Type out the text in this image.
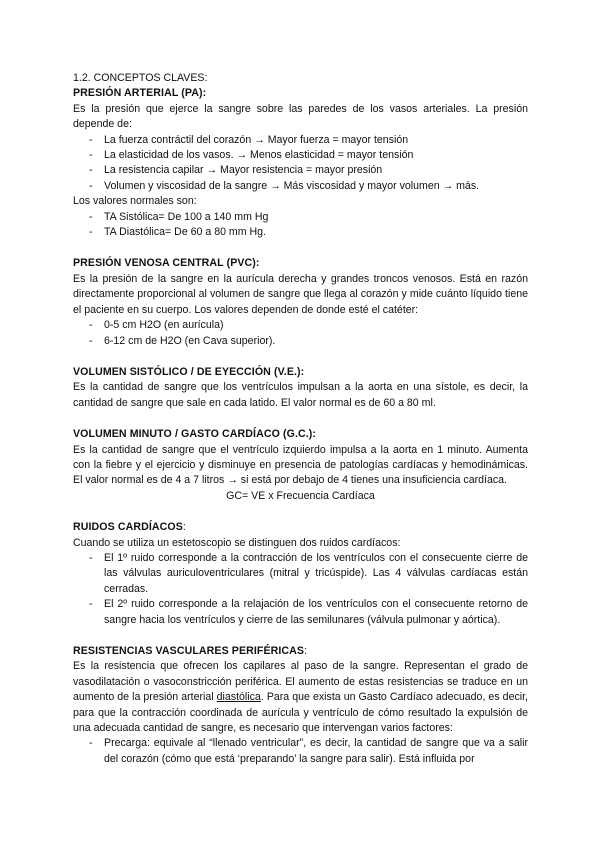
1.2. CONCEPTOS CLAVES:

PRESIÓN ARTERIAL (PA):

Es la presión que ejerce la sangre sobre las paredes de los vasos arteriales. La presión depende de:

- La fuerza contráctil del corazón → Mayor fuerza = mayor tensión
- La elasticidad de los vasos. → Menos elasticidad = mayor tensión
- La resistencia capilar → Mayor resistencia = mayor presión
- Volumen y viscosidad de la sangre → Más viscosidad y mayor volumen → más.

Los valores normales son:

- TA Sistólica= De 100 a 140 mm Hg
- TA Diastólica= De 60 a 80 mm Hg.

PRESIÓN VENOSA CENTRAL (PVC):

Es la presión de la sangre en la aurícula derecha y grandes troncos venosos. Está en razón directamente proporcional al volumen de sangre que llega al corazón y mide cuánto líquido tiene el paciente en su cuerpo. Los valores dependen de donde esté el catéter:

- 0-5 cm H2O (en aurícula)
- 6-12 cm de H2O (en Cava superior).

VOLUMEN SISTÓLICO / DE EYECCIÓN (V.E.):

Es la cantidad de sangre que los ventrículos impulsan a la aorta en una sístole, es decir, la cantidad de sangre que sale en cada latido. El valor normal es de 60 a 80 ml.

VOLUMEN MINUTO / GASTO CARDÍACO (G.C.):

Es la cantidad de sangre que el ventrículo izquierdo impulsa a la aorta en 1 minuto. Aumenta con la fiebre y el ejercicio y disminuye en presencia de patologías cardíacas y hemodinámicas. El valor normal es de 4 a 7 litros → si está por debajo de 4 tienes una insuficiencia cardíaca.

GC= VE x Frecuencia Cardíaca

RUIDOS CARDÍACOS:

Cuando se utiliza un estetoscopio se distinguen dos ruidos cardíacos:

- El 1º ruido corresponde a la contracción de los ventrículos con el consecuente cierre de las válvulas auriculoventriculares (mitral y tricúspide). Las 4 válvulas cardíacas están cerradas.
- El 2º ruido corresponde a la relajación de los ventrículos con el consecuente retorno de sangre hacia los ventrículos y cierre de las semilunares (válvula pulmonar y aórtica).

RESISTENCIAS VASCULARES PERIFÉRICAS:

Es la resistencia que ofrecen los capilares al paso de la sangre. Representan el grado de vasodilatación o vasoconstricción periférica. El aumento de estas resistencias se traduce en un aumento de la presión arterial diastólica. Para que exista un Gasto Cardíaco adecuado, es decir, para que la contracción coordinada de aurícula y ventrículo de cómo resultado la expulsión de una adecuada cantidad de sangre, es necesario que intervengan varios factores:

- Precarga: equivale al “llenado ventricular”, es decir, la cantidad de sangre que va a salir del corazón (cómo que está ‘preparando’ la sangre para salir). Está influida por
